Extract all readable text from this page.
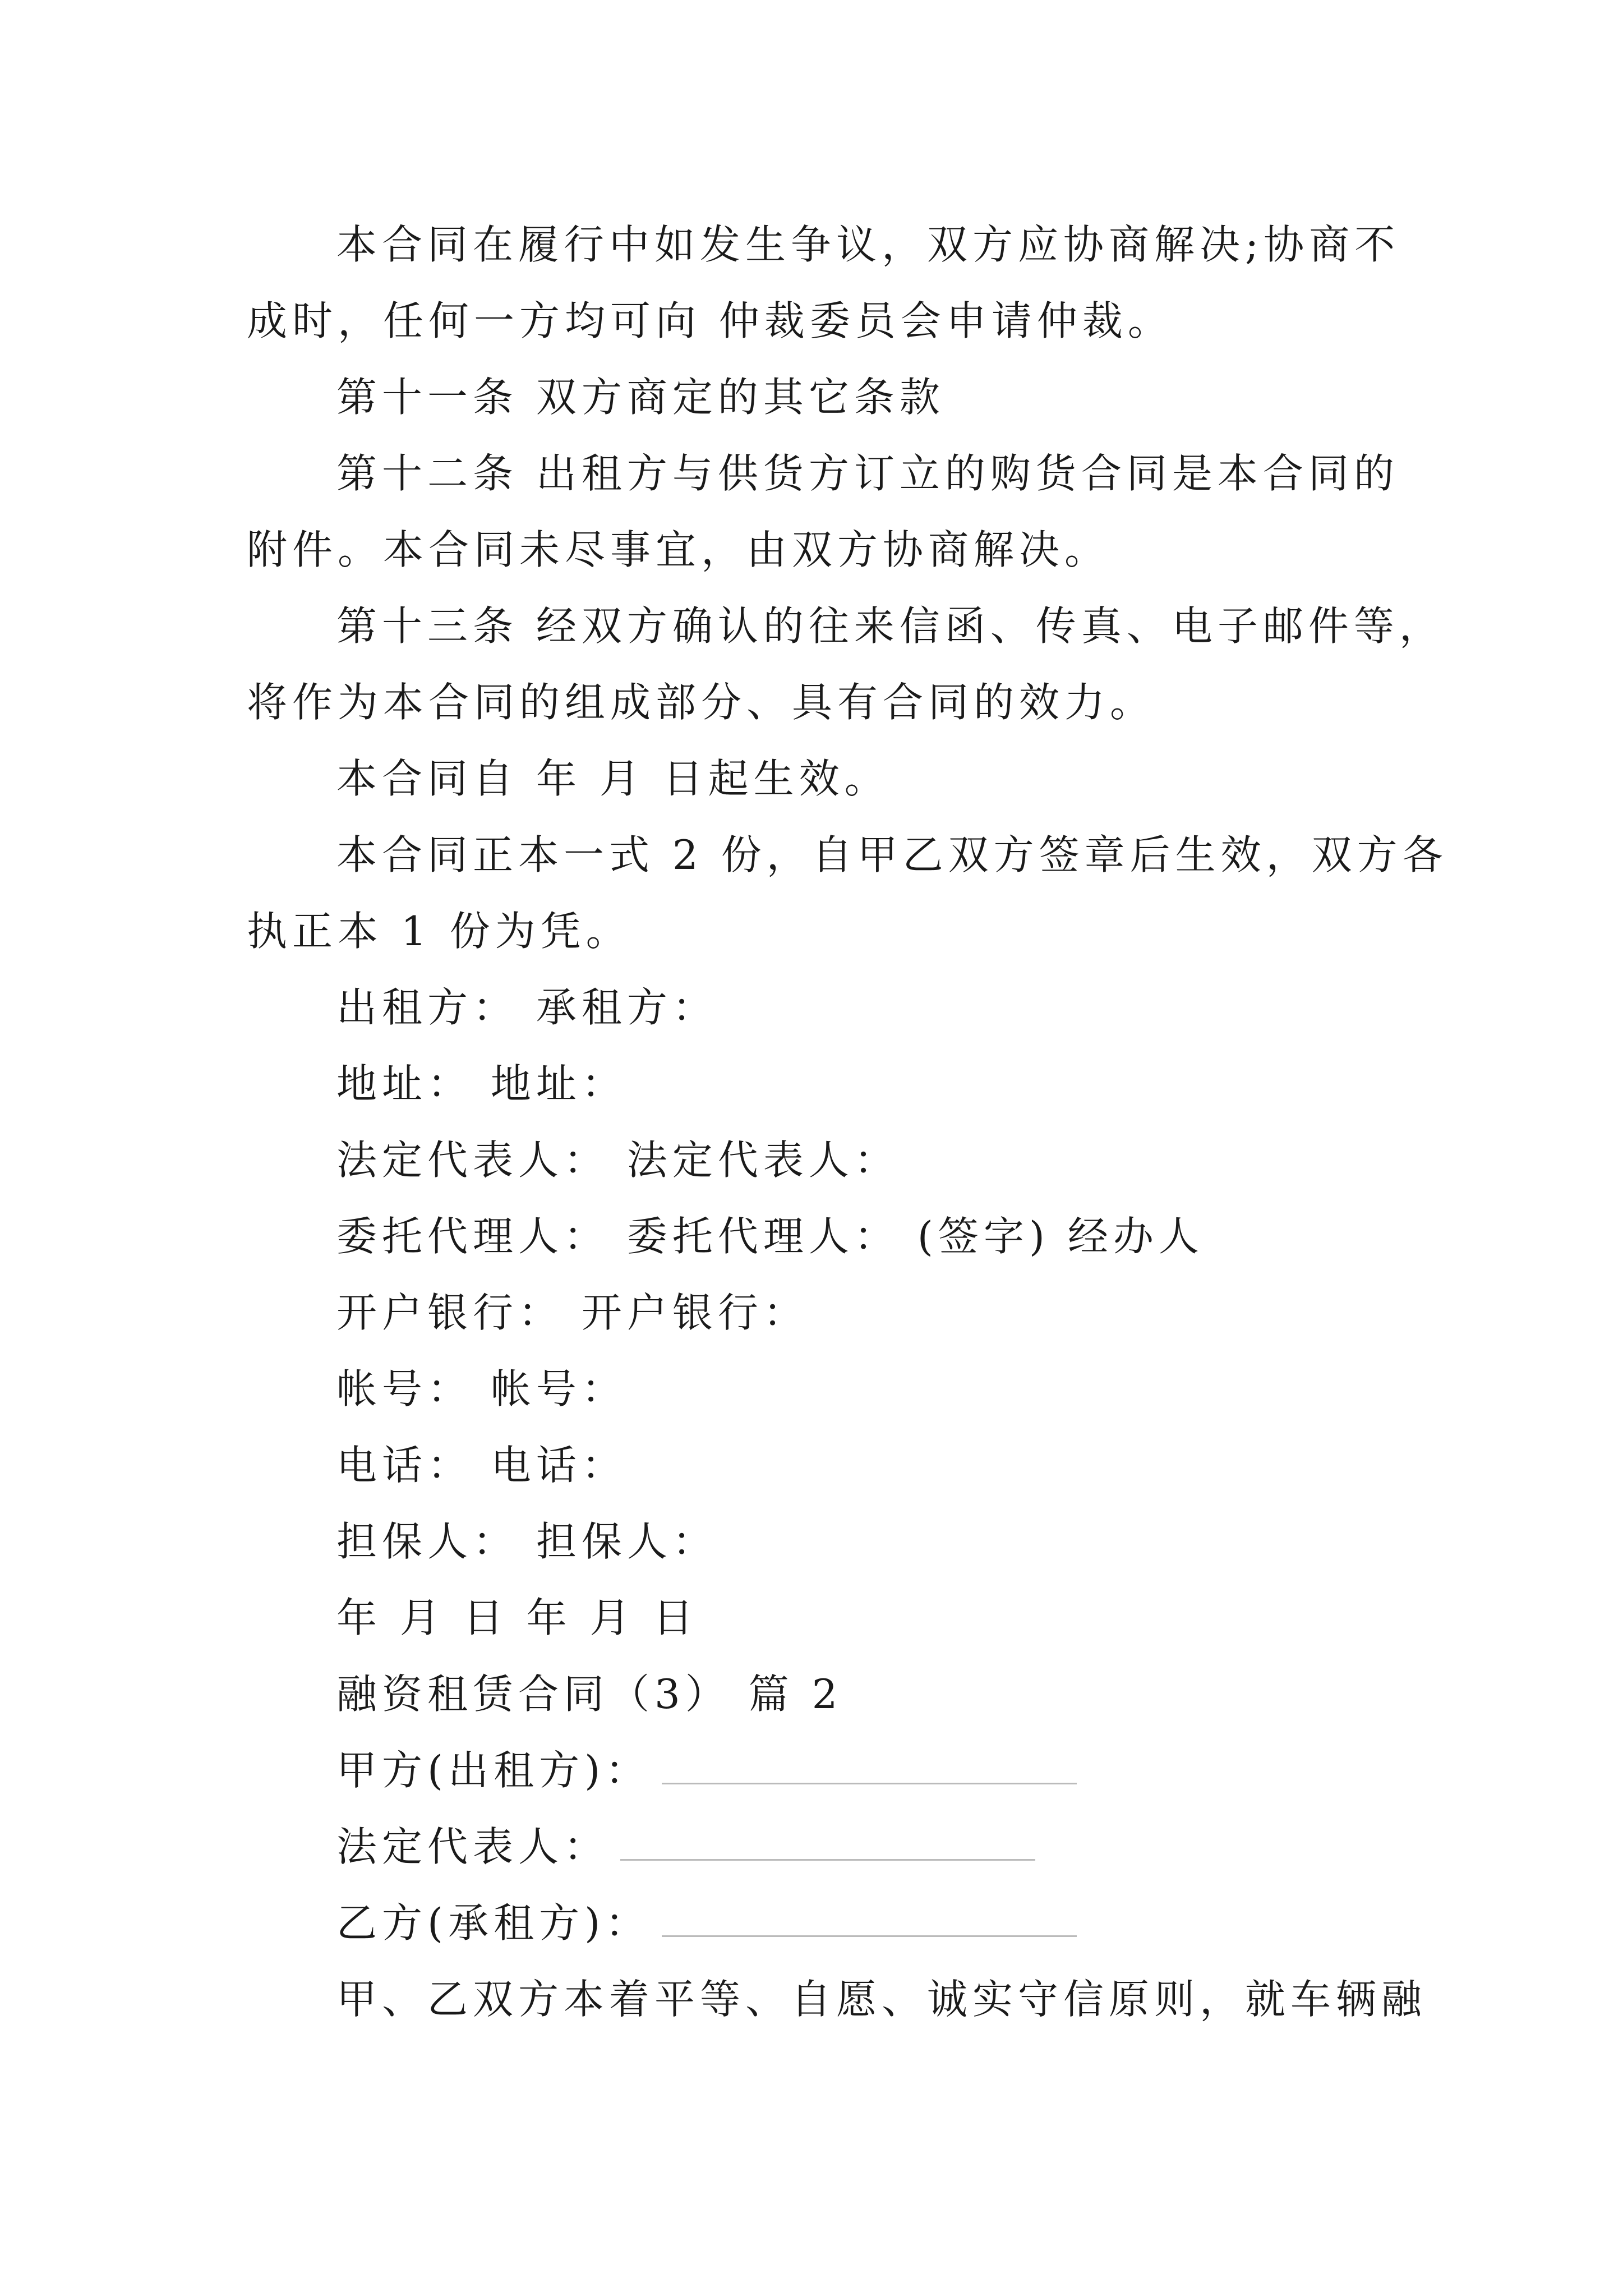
本合同在履行中如发生争议，双方应协商解决;协商不
成时，任何一方均可向 仲裁委员会申请仲裁。
第十一条 双方商定的其它条款
第十二条 出租方与供货方订立的购货合同是本合同的
附件。本合同未尽事宜，由双方协商解决。
第十三条 经双方确认的往来信函、传真、电子邮件等，
将作为本合同的组成部分、具有合同的效力。
本合同自 年 月 日起生效。
本合同正本一式 2 份，自甲乙双方签章后生效，双方各
执正本 1 份为凭。
出租方： 承租方：
地址： 地址：
法定代表人： 法定代表人：
委托代理人： 委托代理人： (签字) 经办人
开户银行： 开户银行：
帐号： 帐号：
电话： 电话：
担保人： 担保人：
年 月 日 年 月 日
融资租赁合同（3） 篇 2
甲方(出租方)：
法定代表人：
乙方(承租方)：
甲、乙双方本着平等、自愿、诚实守信原则，就车辆融
